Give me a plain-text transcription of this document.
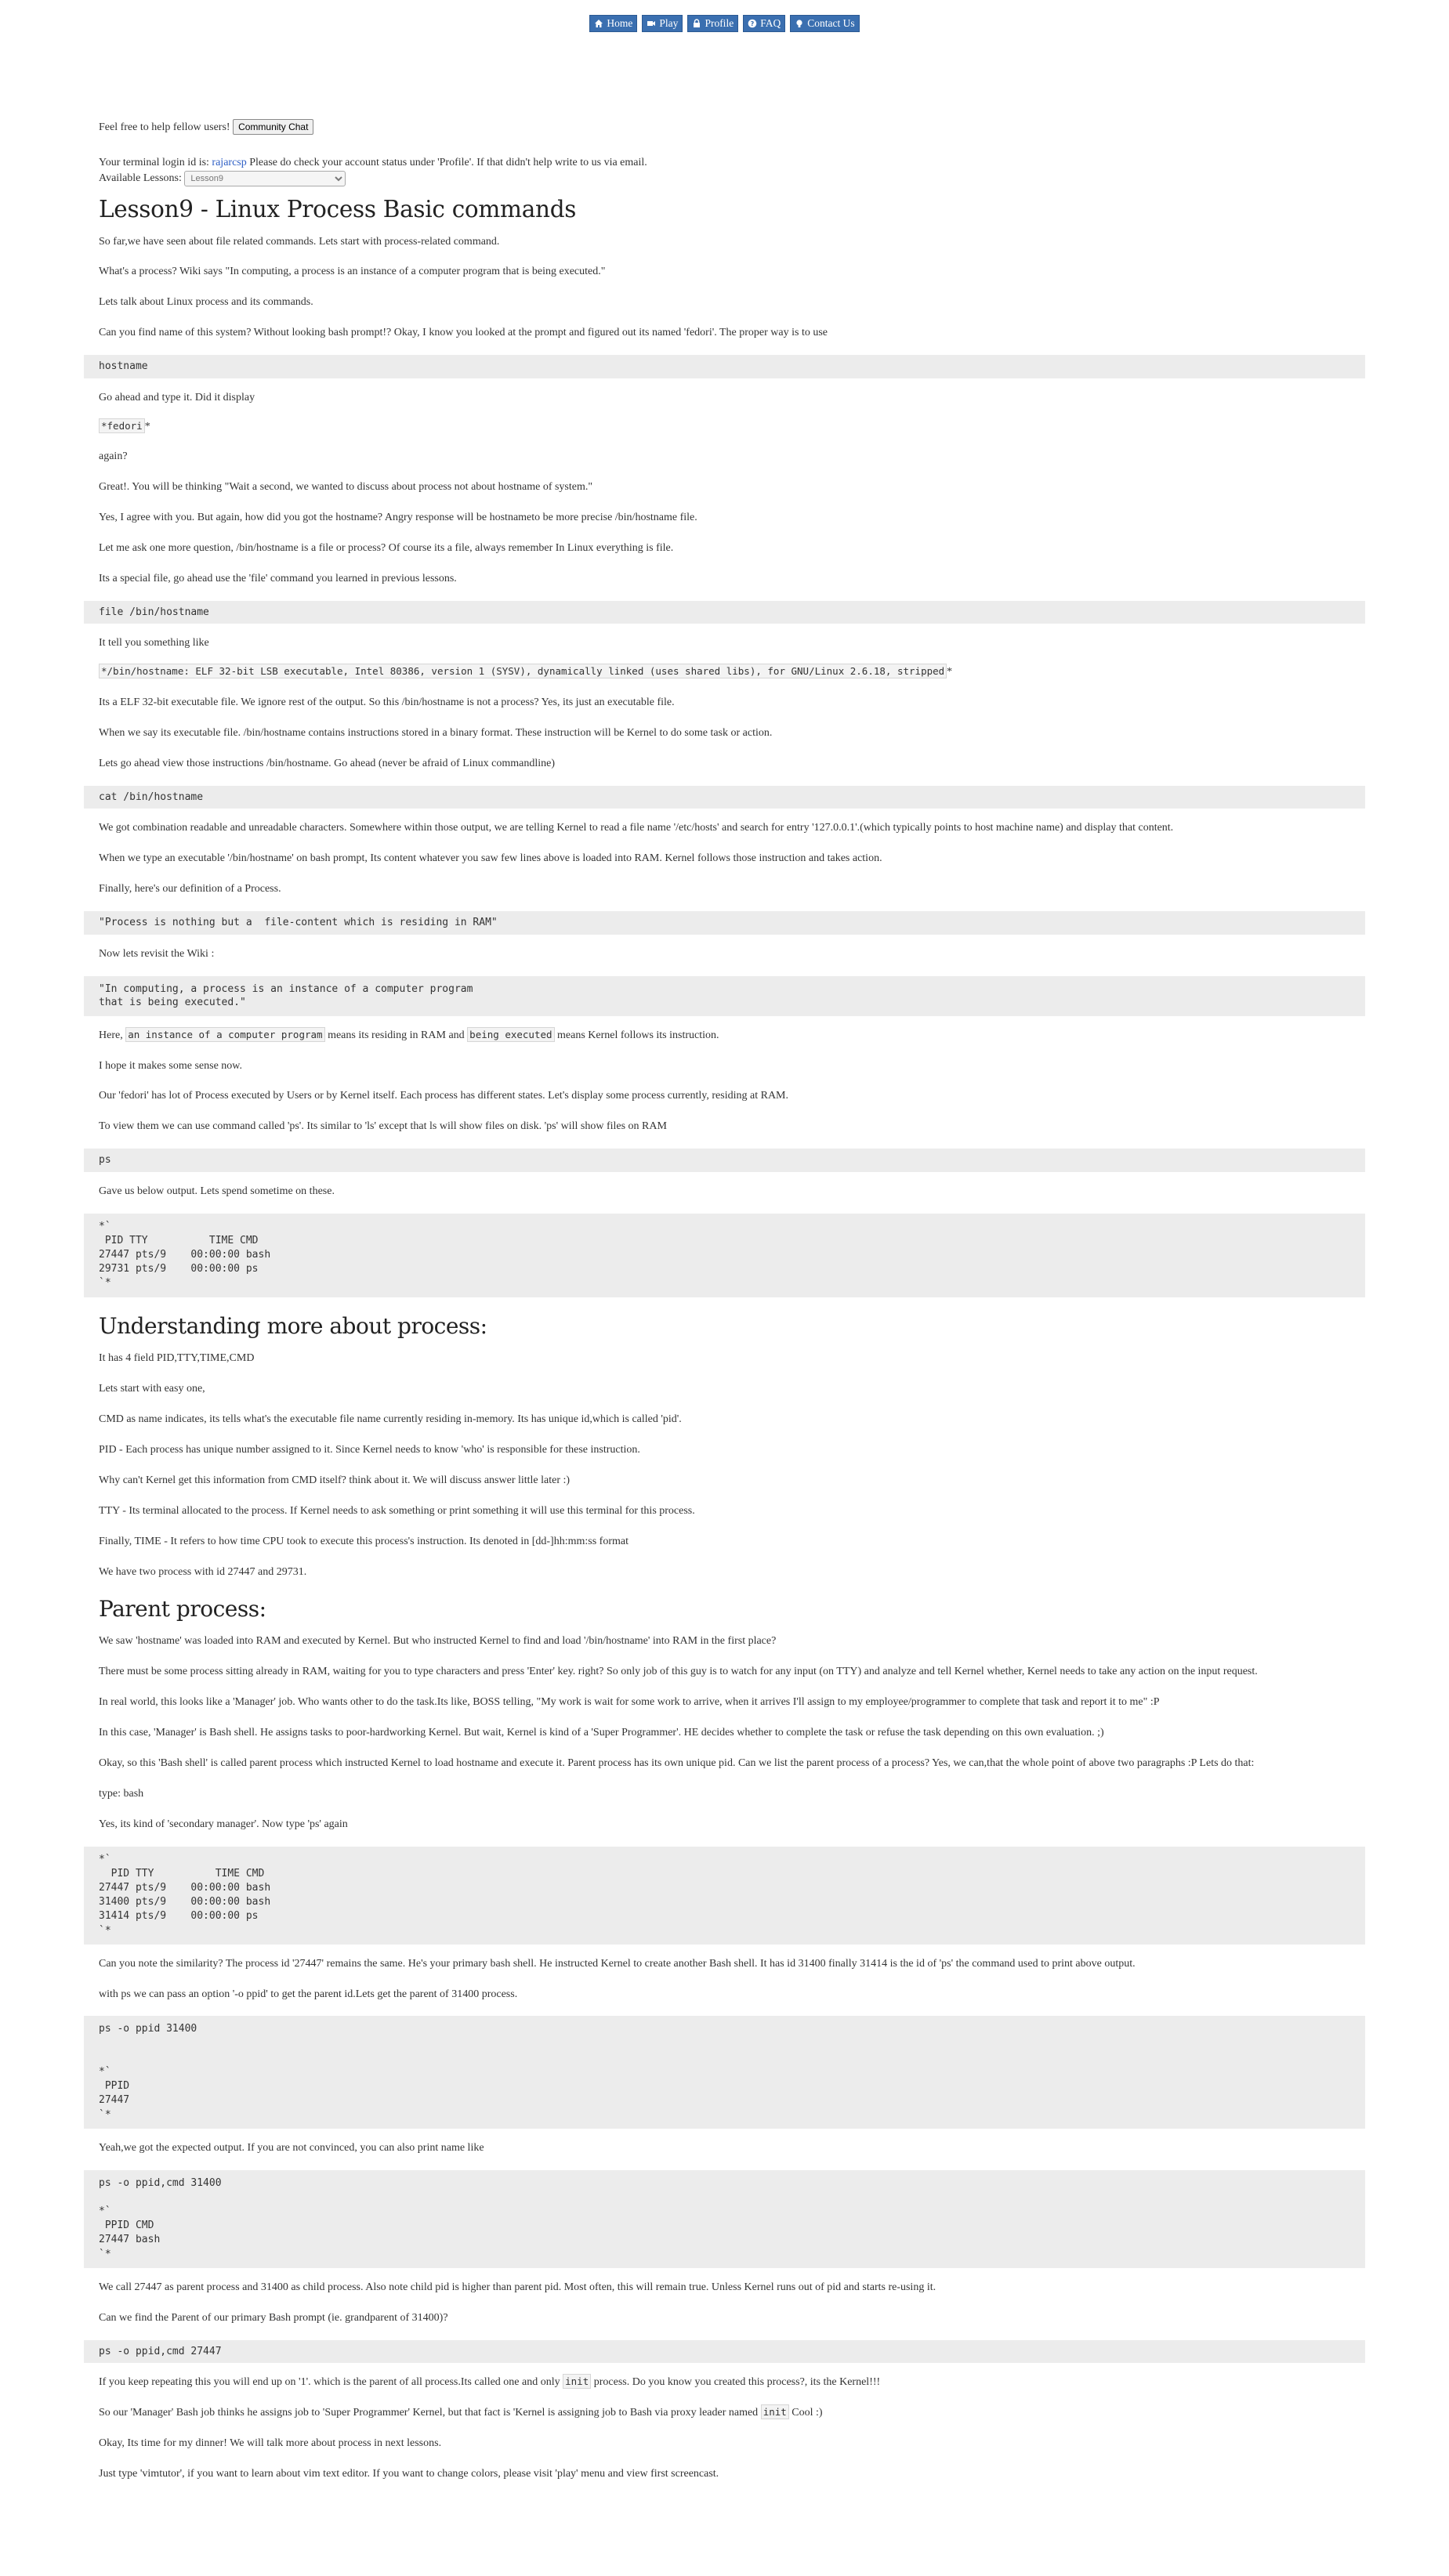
Home	Play	Profile	? FAQ	Contact Us

Feel free to help fellow users! Community Chat

Your terminal login id is: rajarcsp Please do check your account status under 'Profile'. If that didn't help write to us via email.

Available Lessons:
Lesson9
Lesson9 - Linux Process Basic commands

So far,we have seen about file related commands. Lets start with process-related command.

What's a process? Wiki says "In computing, a process is an instance of a computer program that is being executed."

Lets talk about Linux process and its commands.

Can you find name of this system? Without looking bash prompt!? Okay, I know you looked at the prompt and figured out its named 'fedori'. The proper way is to use

hostname

Go ahead and type it. Did it display

*fedori *

again?

Great!. You will be thinking "Wait a second, we wanted to discuss about process not about hostname of system."

Yes, I agree with you. But again, how did you got the hostname? Angry response will be hostnameto be more precise /bin/hostname file.

Let me ask one more question, /bin/hostname is a file or process? Of course its a file, always remember In Linux everything is file.

Its a special file, go ahead use the 'file' command you learned in previous lessons.

file /bin/hostname

It tell you something like

*/bin/hostname: ELF 32-bit LSB executable, Intel 80386, version 1 (SYSV), dynamically linked (uses shared libs), for GNU/Linux 2.6.18, stripped *

Its a ELF 32-bit executable file. We ignore rest of the output. So this /bin/hostname is not a process? Yes, its just an executable file.

When we say its executable file. /bin/hostname contains instructions stored in a binary format. These instruction will be Kernel to do some task or action.

Lets go ahead view those instructions /bin/hostname. Go ahead (never be afraid of Linux commandline)

cat /bin/hostname

We got combination readable and unreadable characters. Somewhere within those output, we are telling Kernel to read a file name '/etc/hosts' and search for entry '127.0.0.1'.(which typically points to host machine name) and display that content.

When we type an executable '/bin/hostname' on bash prompt, Its content whatever you saw few lines above is loaded into RAM. Kernel follows those instruction and takes action.

Finally, here's our definition of a Process.

"Process is nothing but a  file-content which is residing in RAM"

Now lets revisit the Wiki :

"In computing, a process is an instance of a computer program
that is being executed."

Here, an instance of a computer program means its residing in RAM and being executed means Kernel follows its instruction.

I hope it makes some sense now.

Our 'fedori' has lot of Process executed by Users or by Kernel itself. Each process has different states. Let's display some process currently, residing at RAM.

To view them we can use command called 'ps'. Its similar to 'ls' except that ls will show files on disk. 'ps' will show files on RAM

ps

Gave us below output. Lets spend sometime on these.

*`
PID TTY          TIME CMD
27447 pts/9    00:00:00 bash
29731 pts/9    00:00:00 ps
`*
Understanding more about process:

It has 4 field PID,TTY,TIME,CMD

Lets start with easy one,

CMD as name indicates, its tells what's the executable file name currently residing in-memory. Its has unique id,which is called 'pid'.

PID - Each process has unique number assigned to it. Since Kernel needs to know 'who' is responsible for these instruction.

Why can't Kernel get this information from CMD itself? think about it. We will discuss answer little later :)

TTY - Its terminal allocated to the process. If Kernel needs to ask something or print something it will use this terminal for this process.

Finally, TIME - It refers to how time CPU took to execute this process's instruction. Its denoted in [dd-]hh:mm:ss format

We have two process with id 27447 and 29731.

Parent process:

We saw 'hostname' was loaded into RAM and executed by Kernel. But who instructed Kernel to find and load '/bin/hostname' into RAM in the first place?

There must be some process sitting already in RAM, waiting for you to type characters and press 'Enter' key. right? So only job of this guy is to watch for any input (on TTY) and analyze and tell Kernel whether, Kernel needs to take any action on the input request.

In real world, this looks like a 'Manager' job. Who wants other to do the task.Its like, BOSS telling, "My work is wait for some work to arrive, when it arrives I'll assign to my employee/programmer to complete that task and report it to me" :P

In this case, 'Manager' is Bash shell. He assigns tasks to poor-hardworking Kernel. But wait, Kernel is kind of a 'Super Programmer'. HE decides whether to complete the task or refuse the task depending on this own evaluation. ;)

Okay, so this 'Bash shell' is called parent process which instructed Kernel to load hostname and execute it. Parent process has its own unique pid. Can we list the parent process of a process? Yes, we can,that the whole point of above two paragraphs :P Lets do that:

type: bash

Yes, its kind of 'secondary manager'. Now type 'ps' again

*`
PID TTY          TIME CMD
27447 pts/9    00:00:00 bash
31400 pts/9    00:00:00 bash
31414 pts/9    00:00:00 ps
`*

Can you note the similarity? The process id '27447' remains the same. He's your primary bash shell. He instructed Kernel to create another Bash shell. It has id 31400 finally 31414 is the id of 'ps' the command used to print above output.

with ps we can pass an option '-o ppid' to get the parent id.Lets get the parent of 31400 process.

ps -o ppid 31400

*`
PPID
27447
`*

Yeah,we got the expected output. If you are not convinced, you can also print name like

ps -o ppid,cmd 31400

*`
PPID CMD
27447 bash
`*

We call 27447 as parent process and 31400 as child process. Also note child pid is higher than parent pid. Most often, this will remain true. Unless Kernel runs out of pid and starts re-using it.

Can we find the Parent of our primary Bash prompt (ie. grandparent of 31400)?

ps -o ppid,cmd 27447

If you keep repeating this you will end up on '1'. which is the parent of all process.Its called one and only init process. Do you know you created this process?, its the Kernel!!!

So our 'Manager' Bash job thinks he assigns job to 'Super Programmer' Kernel, but that fact is 'Kernel is assigning job to Bash via proxy leader named init Cool :)

Okay, Its time for my dinner! We will talk more about process in next lessons.

Just type 'vimtutor', if you want to learn about vim text editor. If you want to change colors, please visit 'play' menu and view first screencast.
